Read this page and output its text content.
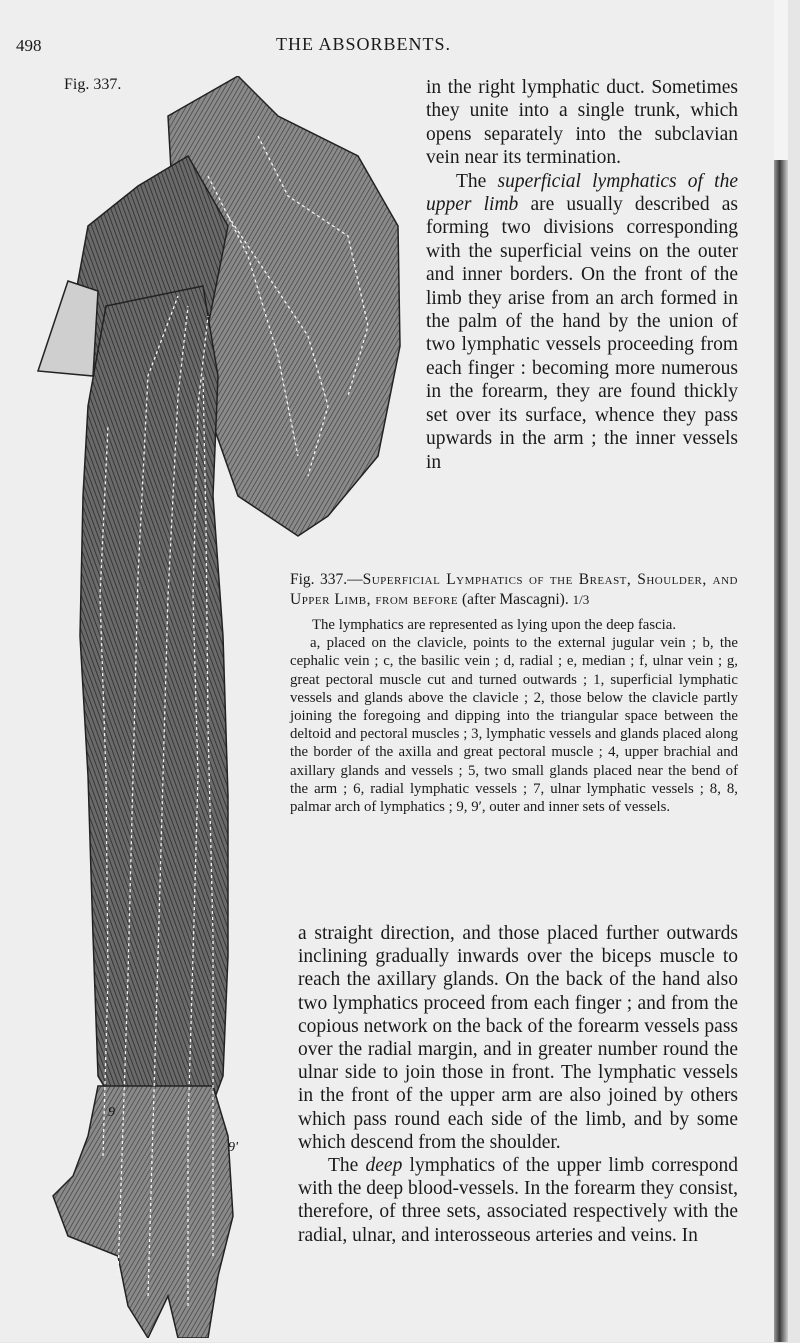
498	THE ABSORBENTS.
9
9'
Fig. 337.	in the right lymphatic duct. Sometimes they unite into a single trunk, which opens separately into the subclavian vein near its termination.

The superficial lymphatics of the upper limb are usually described as forming two divisions corresponding with the superficial veins on the outer and inner borders. On the front of the limb they arise from an arch formed in the palm of the hand by the union of two lymphatic vessels proceeding from each finger : becoming more numerous in the forearm, they are found thickly set over its surface, whence they pass upwards in the arm ; the inner vessels in

Fig. 337.—Superficial Lymphatics of the Breast, Shoulder, and Upper Limb, from before (after Mascagni). 1/3

The lymphatics are represented as lying upon the deep fascia.

a, placed on the clavicle, points to the external jugular vein ; b, the cephalic vein ; c, the basilic vein ; d, radial ; e, median ; f, ulnar vein ; g, great pectoral muscle cut and turned outwards ; 1, superficial lymphatic vessels and glands above the clavicle ; 2, those below the clavicle partly joining the foregoing and dipping into the triangular space between the deltoid and pectoral muscles ; 3, lymphatic vessels and glands placed along the border of the axilla and great pectoral muscle ; 4, upper brachial and axillary glands and vessels ; 5, two small glands placed near the bend of the arm ; 6, radial lymphatic vessels ; 7, ulnar lymphatic vessels ; 8, 8, palmar arch of lymphatics ; 9, 9′, outer and inner sets of vessels.

a straight direction, and those placed further outwards inclining gradually inwards over the biceps muscle to reach the axillary glands. On the back of the hand also two lymphatics proceed from each finger ; and from the copious network on the back of the forearm vessels pass over the radial margin, and in greater number round the ulnar side to join those in front. The lymphatic vessels in the front of the upper arm are also joined by others which pass round each side of the limb, and by some which descend from the shoulder.

The deep lymphatics of the upper limb correspond with the deep blood-vessels. In the forearm they consist, therefore, of three sets, associated respectively with the radial, ulnar, and interosseous arteries and veins. In
